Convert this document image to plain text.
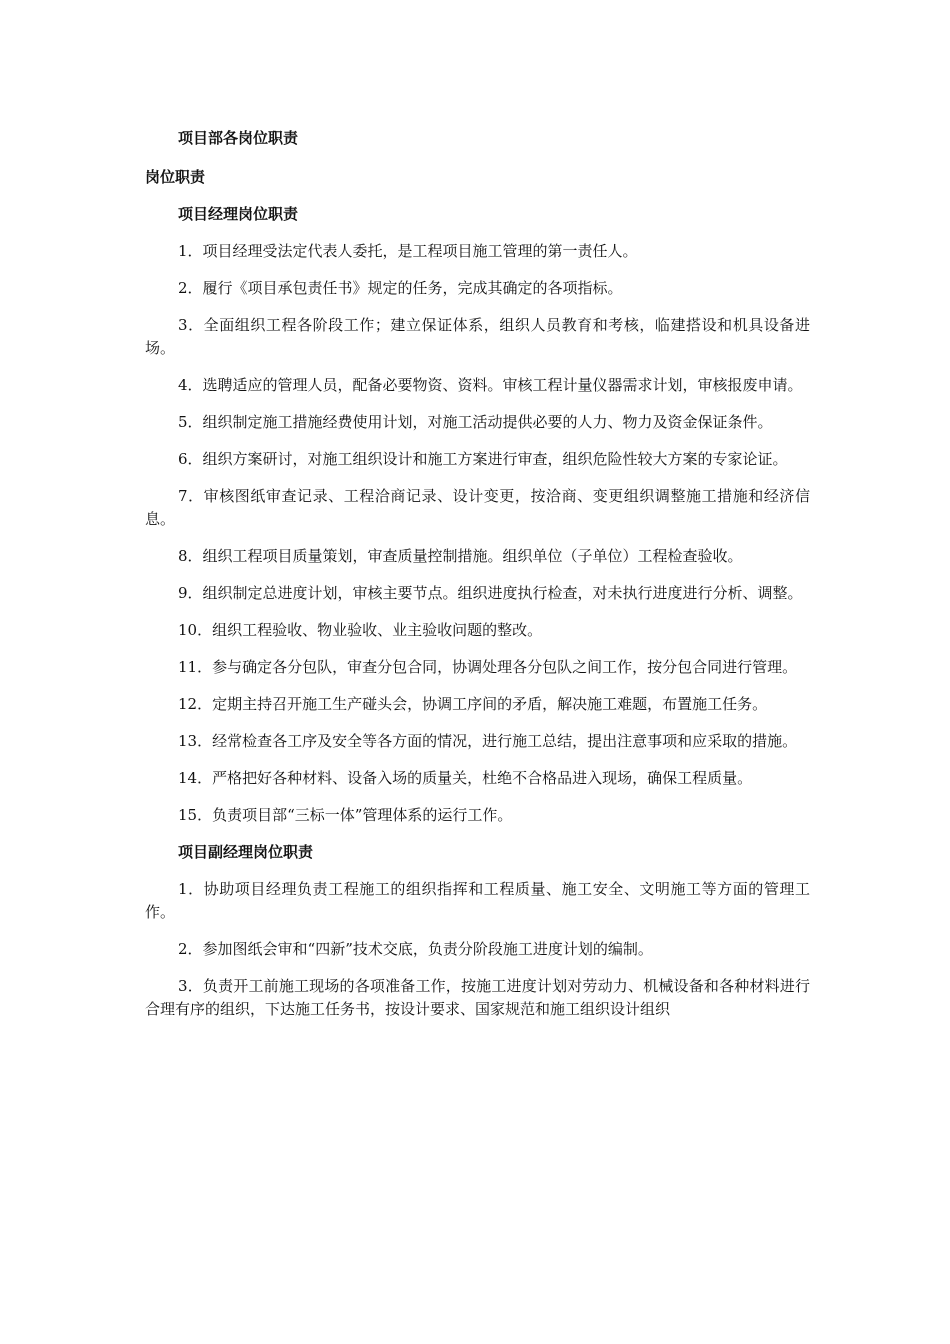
项目部各岗位职责
岗位职责
项目经理岗位职责

1．项目经理受法定代表人委托，是工程项目施工管理的第一责任人。

2．履行《项目承包责任书》规定的任务，完成其确定的各项指标。

3．全面组织工程各阶段工作；建立保证体系，组织人员教育和考核，临建搭设和机具设备进场。

4．选聘适应的管理人员，配备必要物资、资料。审核工程计量仪器需求计划，审核报废申请。

5．组织制定施工措施经费使用计划，对施工活动提供必要的人力、物力及资金保证条件。

6．组织方案研讨，对施工组织设计和施工方案进行审查，组织危险性较大方案的专家论证。

7．审核图纸审查记录、工程洽商记录、设计变更，按洽商、变更组织调整施工措施和经济信息。

8．组织工程项目质量策划，审查质量控制措施。组织单位（子单位）工程检查验收。

9．组织制定总进度计划，审核主要节点。组织进度执行检查，对未执行进度进行分析、调整。

10．组织工程验收、物业验收、业主验收问题的整改。

11．参与确定各分包队，审查分包合同，协调处理各分包队之间工作，按分包合同进行管理。

12．定期主持召开施工生产碰头会，协调工序间的矛盾，解决施工难题，布置施工任务。

13．经常检查各工序及安全等各方面的情况，进行施工总结，提出注意事项和应采取的措施。

14．严格把好各种材料、设备入场的质量关，杜绝不合格品进入现场，确保工程质量。

15．负责项目部“三标一体”管理体系的运行工作。

项目副经理岗位职责

1．协助项目经理负责工程施工的组织指挥和工程质量、施工安全、文明施工等方面的管理工作。

2．参加图纸会审和“四新”技术交底，负责分阶段施工进度计划的编制。

3．负责开工前施工现场的各项准备工作，按施工进度计划对劳动力、机械设备和各种材料进行合理有序的组织，下达施工任务书，按设计要求、国家规范和施工组织设计组织
